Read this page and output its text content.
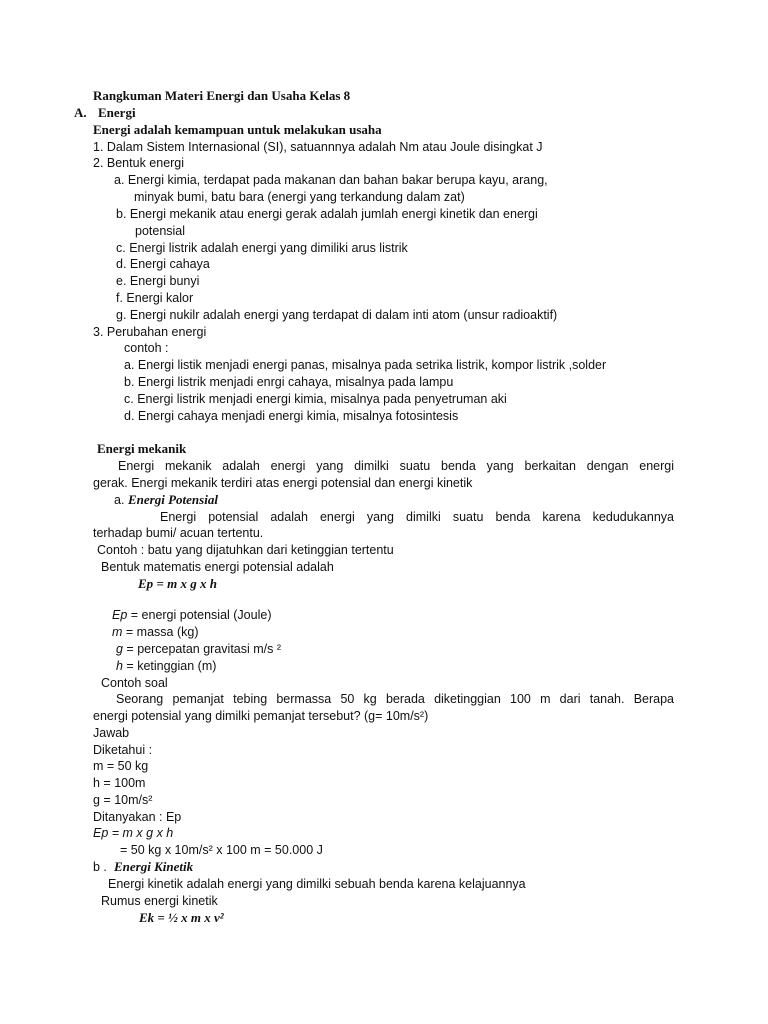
Rangkuman Materi Energi dan Usaha Kelas 8
A. Energi
Energi adalah kemampuan untuk melakukan usaha
1. Dalam Sistem Internasional (SI), satuannnya adalah Nm atau Joule disingkat J
2. Bentuk energi
a. Energi kimia, terdapat pada makanan dan bahan bakar berupa kayu, arang,
minyak bumi, batu bara (energi yang terkandung dalam zat)
b. Energi mekanik atau energi gerak adalah jumlah energi kinetik dan energi
potensial
c. Energi listrik adalah energi yang dimiliki arus listrik
d. Energi cahaya
e. Energi bunyi
f. Energi kalor
g. Energi nukilr adalah energi yang terdapat di dalam inti atom (unsur radioaktif)
3. Perubahan energi
contoh :
a. Energi listik menjadi energi panas, misalnya pada setrika listrik, kompor listrik ,solder
b. Energi listrik menjadi enrgi cahaya, misalnya pada lampu
c. Energi listrik menjadi energi kimia, misalnya pada penyetruman aki
d. Energi cahaya menjadi energi kimia, misalnya fotosintesis
Energi mekanik
Energi mekanik adalah energi yang dimilki suatu benda yang berkaitan dengan energi
gerak. Energi mekanik terdiri atas energi potensial dan energi kinetik
a. Energi Potensial
Energi potensial adalah energi yang dimilki suatu benda karena kedudukannya
terhadap bumi/ acuan tertentu.
Contoh : batu yang dijatuhkan dari ketinggian tertentu
Bentuk matematis energi potensial adalah
Ep = m x g x h
Ep = energi potensial (Joule)
m = massa (kg)
g = percepatan gravitasi m/s ²
h = ketinggian (m)
Contoh soal
Seorang pemanjat tebing bermassa 50 kg berada diketinggian 100 m dari tanah. Berapa
energi potensial yang dimilki pemanjat tersebut? (g= 10m/s²)
Jawab
Diketahui :
m = 50 kg
h = 100m
g = 10m/s²
Ditanyakan : Ep
Ep = m x g x h
= 50 kg x 10m/s² x 100 m = 50.000 J
b . Energi Kinetik
Energi kinetik adalah energi yang dimilki sebuah benda karena kelajuannya
Rumus energi kinetik
Ek = ½ x m x v²
